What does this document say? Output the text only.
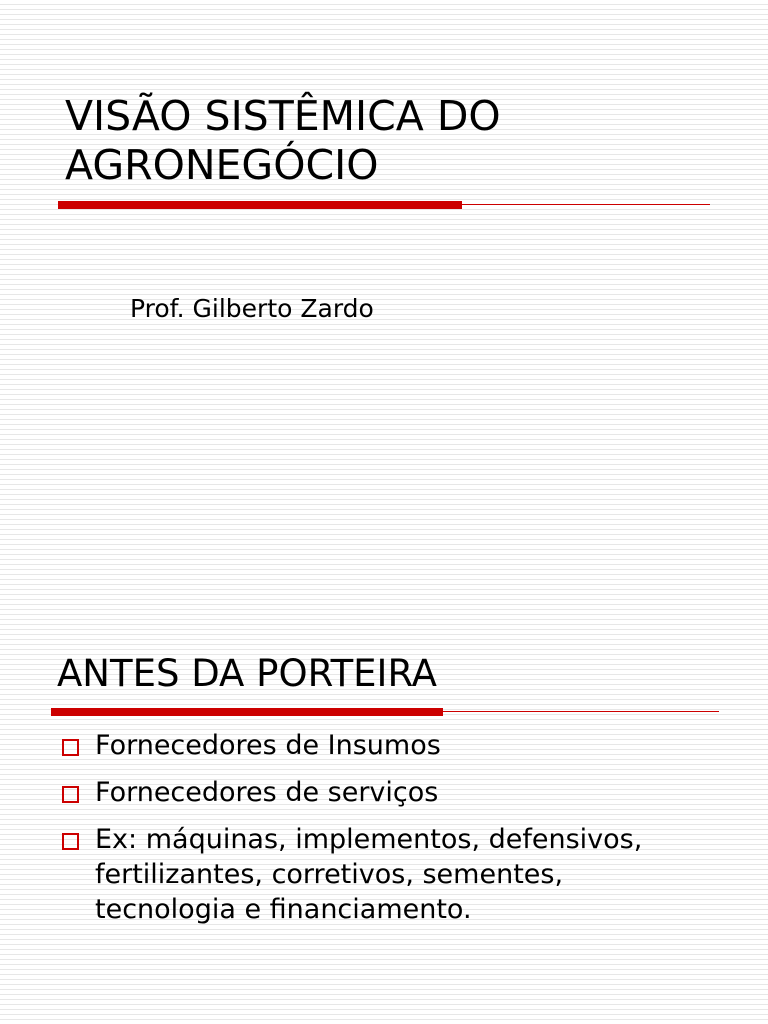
VISÃO SISTÊMICA DO
AGRONEGÓCIO
Prof. Gilberto Zardo
ANTES DA PORTEIRA
Fornecedores de Insumos
Fornecedores de serviços
Ex: máquinas, implementos, defensivos, fertilizantes, corretivos, sementes, tecnologia e financiamento.
